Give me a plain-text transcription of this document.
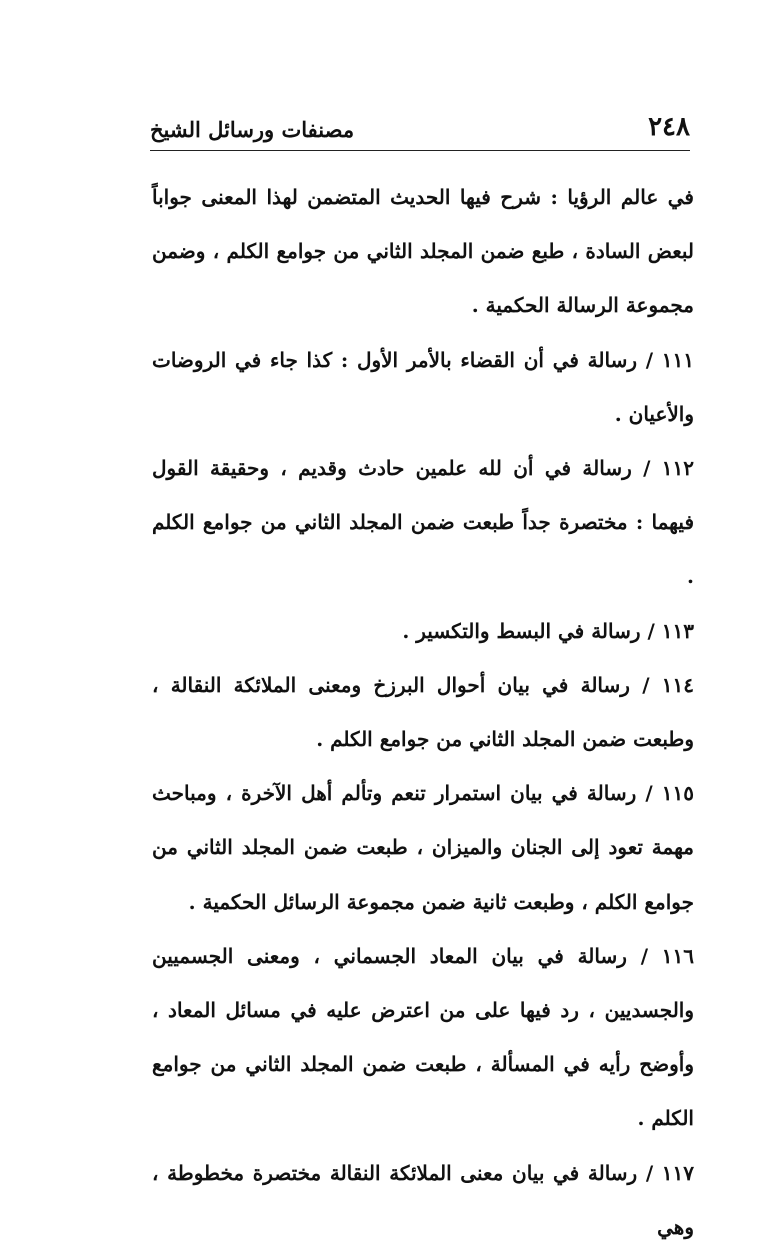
٢٤٨
مصنفات ورسائل الشيخ

في عالم الرؤيا : شرح فيها الحديث المتضمن لهذا المعنى جواباً لبعض السادة ، طبع ضمن المجلد الثاني من جوامع الكلم ، وضمن مجموعة الرسالة الحكمية .

١١١ / رسالة في أن القضاء بالأمر الأول : كذا جاء في الروضات والأعيان .

١١٢ / رسالة في أن لله علمين حادث وقديم ، وحقيقة القول فيهما : مختصرة جداً طبعت ضمن المجلد الثاني من جوامع الكلم .

١١٣ / رسالة في البسط والتكسير .

١١٤ / رسالة في بيان أحوال البرزخ ومعنى الملائكة النقالة ، وطبعت ضمن المجلد الثاني من جوامع الكلم .

١١٥ / رسالة في بيان استمرار تنعم وتألم أهل الآخرة ، ومباحث مهمة تعود إلى الجنان والميزان ، طبعت ضمن المجلد الثاني من جوامع الكلم ، وطبعت ثانية ضمن مجموعة الرسائل الحكمية .

١١٦ / رسالة في بيان المعاد الجسماني ، ومعنى الجسميين والجسديين ، رد فيها على من اعترض عليه في مسائل المعاد ، وأوضح رأيه في المسألة ، طبعت ضمن المجلد الثاني من جوامع الكلم .

١١٧ / رسالة في بيان معنى الملائكة النقالة مختصرة مخطوطة ، وهي
